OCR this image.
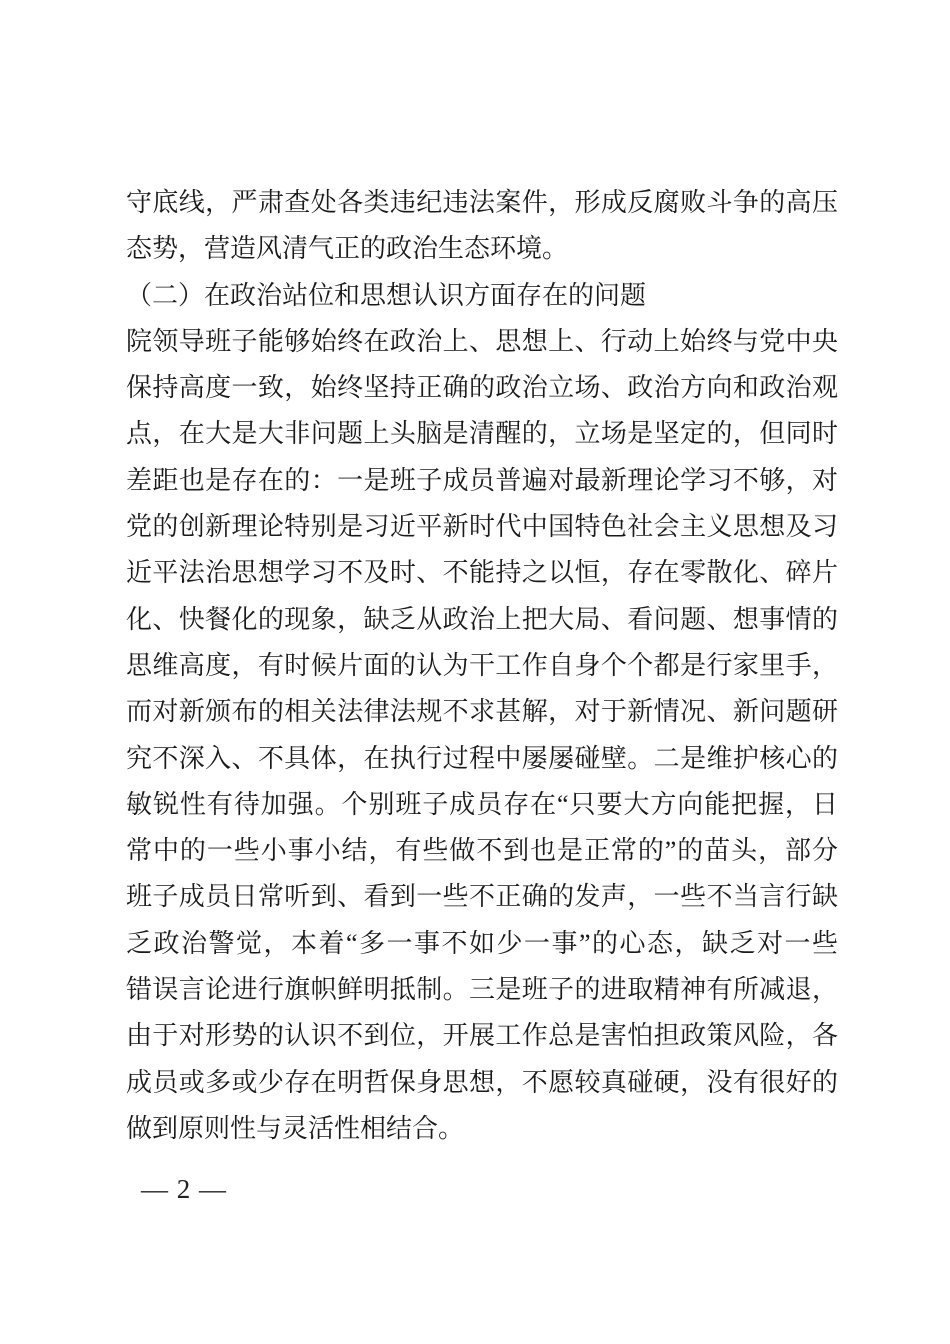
守底线，严肃查处各类违纪违法案件，形成反腐败斗争的高压
态势，营造风清气正的政治生态环境。
（二）在政治站位和思想认识方面存在的问题
院领导班子能够始终在政治上、思想上、行动上始终与党中央
保持高度一致，始终坚持正确的政治立场、政治方向和政治观
点，在大是大非问题上头脑是清醒的，立场是坚定的，但同时
差距也是存在的：一是班子成员普遍对最新理论学习不够，对
党的创新理论特别是习近平新时代中国特色社会主义思想及习
近平法治思想学习不及时、不能持之以恒，存在零散化、碎片
化、快餐化的现象，缺乏从政治上把大局、看问题、想事情的
思维高度，有时候片面的认为干工作自身个个都是行家里手，
而对新颁布的相关法律法规不求甚解，对于新情况、新问题研
究不深入、不具体，在执行过程中屡屡碰壁。二是维护核心的
敏锐性有待加强。个别班子成员存在“只要大方向能把握，日
常中的一些小事小结，有些做不到也是正常的”的苗头，部分
班子成员日常听到、看到一些不正确的发声，一些不当言行缺
乏政治警觉，本着“多一事不如少一事”的心态，缺乏对一些
错误言论进行旗帜鲜明抵制。三是班子的进取精神有所减退，
由于对形势的认识不到位，开展工作总是害怕担政策风险，各
成员或多或少存在明哲保身思想，不愿较真碰硬，没有很好的
做到原则性与灵活性相结合。
— 2 —
